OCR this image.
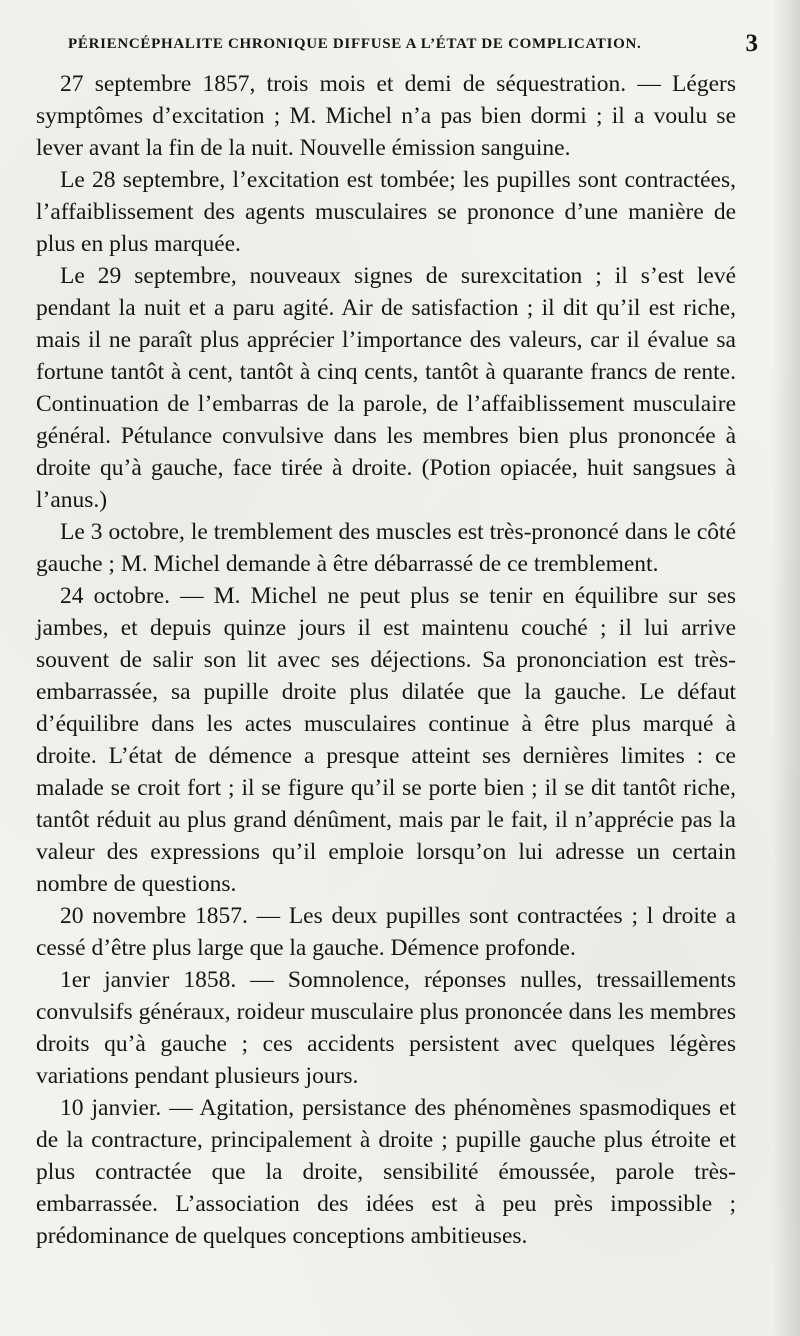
PÉRIENCÉPHALITE CHRONIQUE DIFFUSE A L’ÉTAT DE COMPLICATION.	3

27 septembre 1857, trois mois et demi de séquestration. — Légers symptômes d’excitation ; M. Michel n’a pas bien dormi ; il a voulu se lever avant la fin de la nuit. Nouvelle émission sanguine.

Le 28 septembre, l’excitation est tombée; les pupilles sont contractées, l’affaiblissement des agents musculaires se prononce d’une manière de plus en plus marquée.

Le 29 septembre, nouveaux signes de surexcitation ; il s’est levé pendant la nuit et a paru agité. Air de satisfaction ; il dit qu’il est riche, mais il ne paraît plus apprécier l’importance des valeurs, car il évalue sa fortune tantôt à cent, tantôt à cinq cents, tantôt à quarante francs de rente. Continuation de l’embarras de la parole, de l’affaiblissement musculaire général. Pétulance convulsive dans les membres bien plus prononcée à droite qu’à gauche, face tirée à droite. (Potion opiacée, huit sangsues à l’anus.)

Le 3 octobre, le tremblement des muscles est très-prononcé dans le côté gauche ; M. Michel demande à être débarrassé de ce tremblement.

24 octobre. — M. Michel ne peut plus se tenir en équilibre sur ses jambes, et depuis quinze jours il est maintenu couché ; il lui arrive souvent de salir son lit avec ses déjections. Sa prononciation est très-embarrassée, sa pupille droite plus dilatée que la gauche. Le défaut d’équilibre dans les actes musculaires continue à être plus marqué à droite. L’état de démence a presque atteint ses dernières limites : ce malade se croit fort ; il se figure qu’il se porte bien ; il se dit tantôt riche, tantôt réduit au plus grand dénûment, mais par le fait, il n’apprécie pas la valeur des expressions qu’il emploie lorsqu’on lui adresse un certain nombre de questions.

20 novembre 1857. — Les deux pupilles sont contractées ; l droite a cessé d’être plus large que la gauche. Démence profonde.

1er janvier 1858. — Somnolence, réponses nulles, tressaillements convulsifs généraux, roideur musculaire plus prononcée dans les membres droits qu’à gauche ; ces accidents persistent avec quelques légères variations pendant plusieurs jours.

10 janvier. — Agitation, persistance des phénomènes spasmodiques et de la contracture, principalement à droite ; pupille gauche plus étroite et plus contractée que la droite, sensibilité émoussée, parole très-embarrassée. L’association des idées est à peu près impossible ; prédominance de quelques conceptions ambitieuses.
